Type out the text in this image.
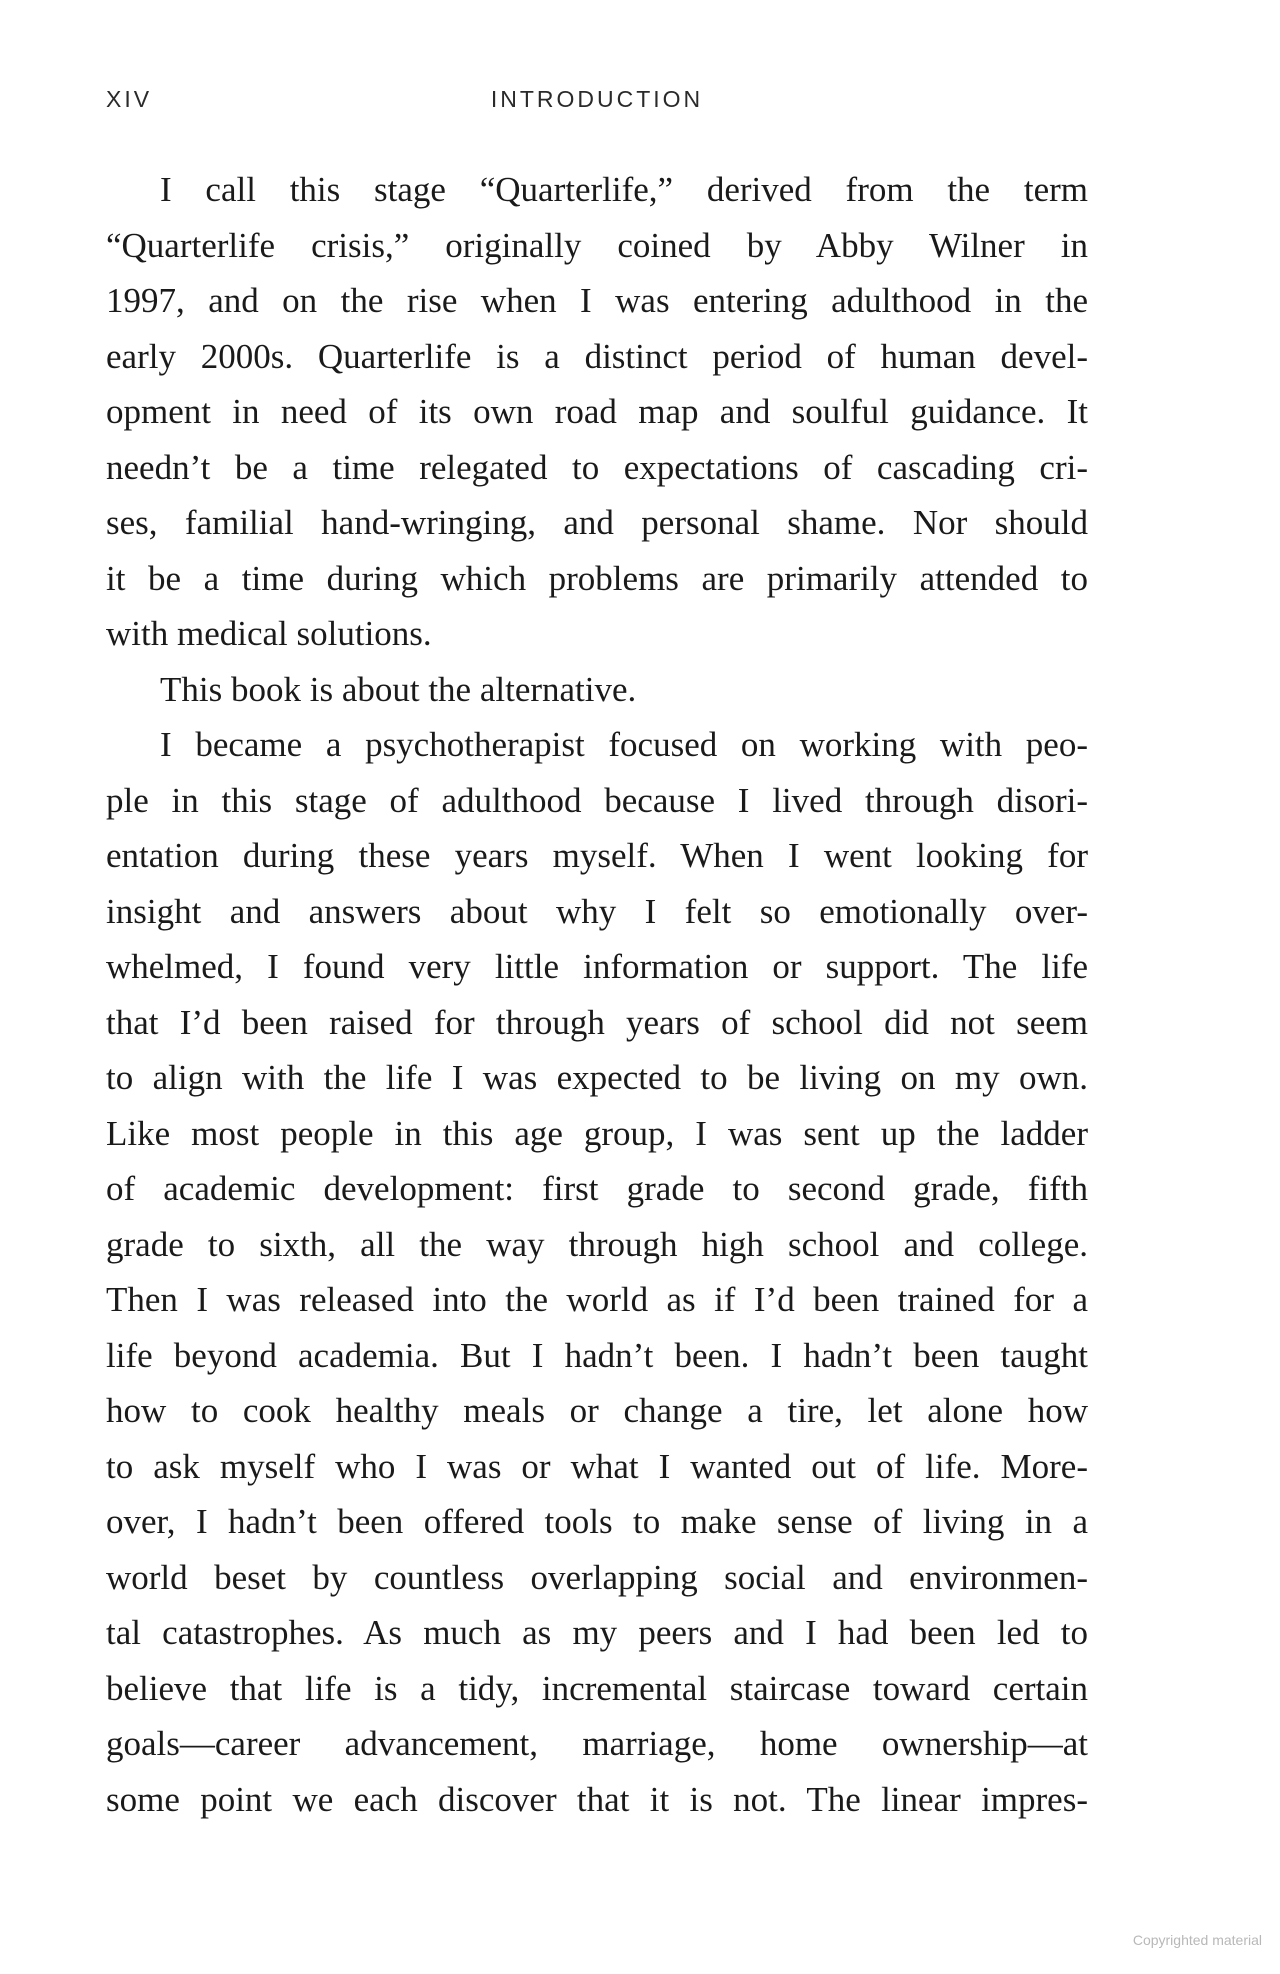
XIV	INTRODUCTION
I call this stage “Quarterlife,” derived from the term
“Quarterlife crisis,” originally coined by Abby Wilner in
1997, and on the rise when I was entering adulthood in the
early 2000s. Quarterlife is a distinct period of human devel-
opment in need of its own road map and soulful guidance. It
needn’t be a time relegated to expectations of cascading cri-
ses, familial hand-wringing, and personal shame. Nor should
it be a time during which problems are primarily attended to
with medical solutions.
This book is about the alternative.
I became a psychotherapist focused on working with peo-
ple in this stage of adulthood because I lived through disori-
entation during these years myself. When I went looking for
insight and answers about why I felt so emotionally over-
whelmed, I found very little information or support. The life
that I’d been raised for through years of school did not seem
to align with the life I was expected to be living on my own.
Like most people in this age group, I was sent up the ladder
of academic development: first grade to second grade, fifth
grade to sixth, all the way through high school and college.
Then I was released into the world as if I’d been trained for a
life beyond academia. But I hadn’t been. I hadn’t been taught
how to cook healthy meals or change a tire, let alone how
to ask myself who I was or what I wanted out of life. More-
over, I hadn’t been offered tools to make sense of living in a
world beset by countless overlapping social and environmen-
tal catastrophes. As much as my peers and I had been led to
believe that life is a tidy, incremental staircase toward certain
goals—career advancement, marriage, home ownership—at
some point we each discover that it is not. The linear impres-
Copyrighted material
